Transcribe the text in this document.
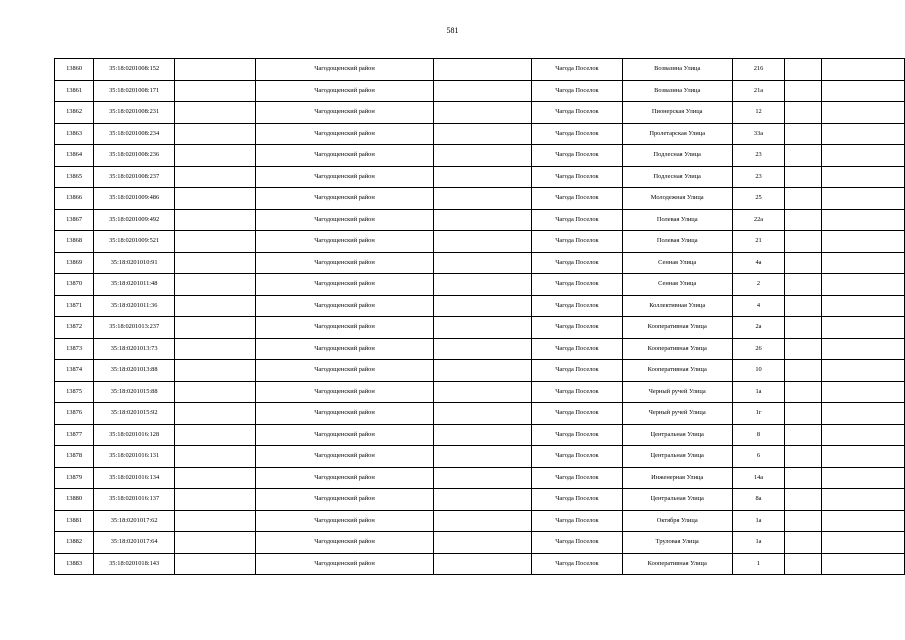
581
13860	35:18:0201008:152		Чагодощенский район		Чагода Поселок	Возвазина Улица	216		
13861	35:18:0201008:171		Чагодощенский район		Чагода Поселок	Возвазина Улица	21а		
13862	35:18:0201008:231		Чагодощенский район		Чагода Поселок	Пионерская Улица	12		
13863	35:18:0201008:234		Чагодощенский район		Чагода Поселок	Пролетарская Улица	33а		
13864	35:18:0201008:236		Чагодощенский район		Чагода Поселок	Подлесная Улица	23		
13865	35:18:0201008:237		Чагодощенский район		Чагода Поселок	Подлесная Улица	23		
13866	35:18:0201009:486		Чагодощенский район		Чагода Поселок	Молодежная Улица	25		
13867	35:18:0201009:492		Чагодощенский район		Чагода Поселок	Полевая Улица	22а		
13868	35:18:0201009:521		Чагодощенский район		Чагода Поселок	Полевая Улица	21		
13869	35:18:0201010:91		Чагодощенский район		Чагода Поселок	Сенная Улица	4а		
13870	35:18:0201011:48		Чагодощенский район		Чагода Поселок	Сенная Улица	2		
13871	35:18:0201011:36		Чагодощенский район		Чагода Поселок	Коллективная Улица	4		
13872	35:18:0201013:237		Чагодощенский район		Чагода Поселок	Кооперативная Улица	2а		
13873	35:18:0201013:73		Чагодощенский район		Чагода Поселок	Кооперативная Улица	26		
13874	35:18:0201013:88		Чагодощенский район		Чагода Поселок	Кооперативная Улица	10		
13875	35:18:0201015:88		Чагодощенский район		Чагода Поселок	Черный ручей Улица	1а		
13876	35:18:0201015:92		Чагодощенский район		Чагода Поселок	Черный ручей Улица	1г		
13877	35:18:0201016:128		Чагодощенский район		Чагода Поселок	Центральная Улица	8		
13878	35:18:0201016:131		Чагодощенский район		Чагода Поселок	Центральная Улица	6		
13879	35:18:0201016:134		Чагодощенский район		Чагода Поселок	Инженерная Улица	14а		
13880	35:18:0201016:137		Чагодощенский район		Чагода Поселок	Центральная Улица	8а		
13881	35:18:0201017:62		Чагодощенский район		Чагода Поселок	Октября Улица	1а		
13882	35:18:0201017:64		Чагодощенский район		Чагода Поселок	Труловая Улица	1а		
13883	35:18:0201018:143		Чагодощенский район		Чагода Поселок	Кооперативная Улица	1		
